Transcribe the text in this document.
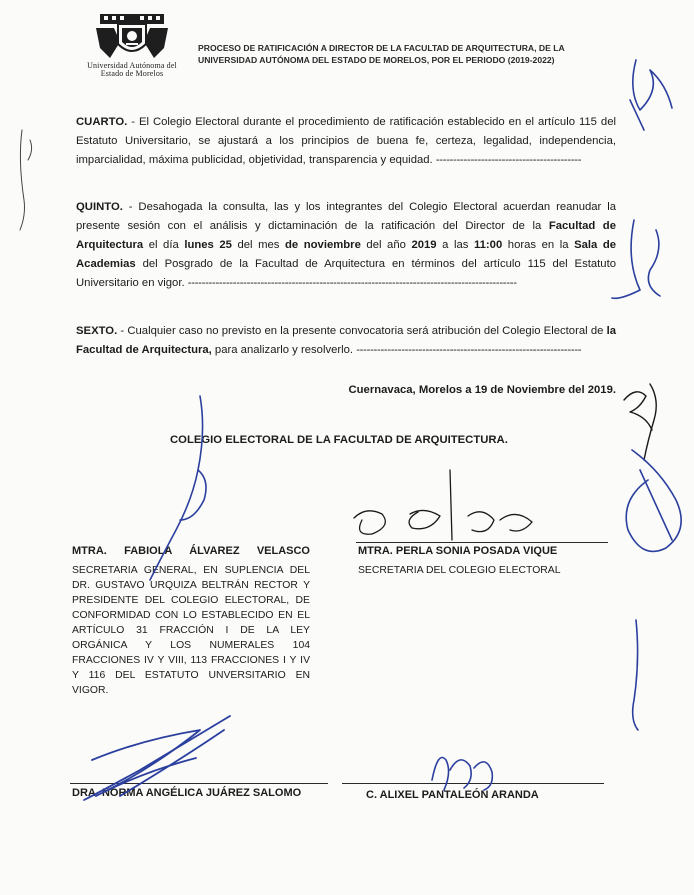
Universidad Autónoma del
Estado de Morelos
PROCESO DE RATIFICACIÓN A DIRECTOR DE LA FACULTAD DE ARQUITECTURA, DE LA
UNIVERSIDAD AUTÓNOMA DEL ESTADO DE MORELOS, POR EL PERIODO (2019-2022)
CUARTO. - El Colegio Electoral durante el procedimiento de ratificación establecido en el artículo 115 del Estatuto Universitario, se ajustará a los principios de buena fe, certeza, legalidad, independencia, imparcialidad, máxima publicidad, objetividad, transparencia y equidad. ------------------------------------------
QUINTO. - Desahogada la consulta, las y los integrantes del Colegio Electoral acuerdan reanudar la presente sesión con el análisis y dictaminación de la ratificación del Director de la Facultad de Arquitectura el día lunes 25 del mes de noviembre del año 2019 a las 11:00 horas en la Sala de Academias del Posgrado de la Facultad de Arquitectura en términos del artículo 115 del Estatuto Universitario en vigor. -----------------------------------------------------------------------------------------------
SEXTO. - Cualquier caso no previsto en la presente convocatoria será atribución del Colegio Electoral de la Facultad de Arquitectura, para analizarlo y resolverlo. -----------------------------------------------------------------
Cuernavaca, Morelos a 19 de Noviembre del 2019.
COLEGIO ELECTORAL DE LA FACULTAD DE ARQUITECTURA.
MTRA. FABIOLA ÁLVAREZ VELASCO
SECRETARIA GENERAL, EN SUPLENCIA DEL DR. GUSTAVO URQUIZA BELTRÁN RECTOR Y PRESIDENTE DEL COLEGIO ELECTORAL, DE CONFORMIDAD CON LO ESTABLECIDO EN EL ARTÍCULO 31 FRACCIÓN I DE LA LEY ORGÁNICA Y LOS NUMERALES 104 FRACCIONES IV Y VIII, 113 FRACCIONES I Y IV Y 116 DEL ESTATUTO UNVERSITARIO EN VIGOR.
MTRA. PERLA SONIA POSADA VIQUE
SECRETARIA DEL COLEGIO ELECTORAL
DRA. NORMA ANGÉLICA JUÁREZ SALOMO	C. ALIXEL PANTALEÓN ARANDA
